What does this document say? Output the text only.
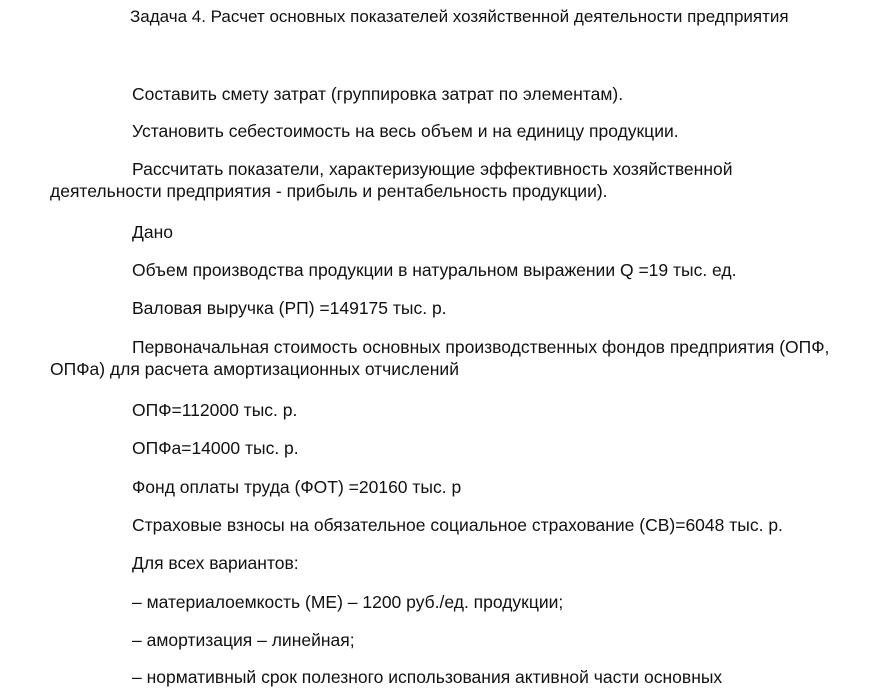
Задача 4. Расчет основных показателей хозяйственной деятельности предприятия
Составить смету затрат (группировка затрат по элементам).
Установить себестоимость на весь объем и на единицу продукции.
Рассчитать показатели, характеризующие эффективность хозяйственной деятельности предприятия - прибыль и рентабельность продукции).
Дано
Объем производства продукции в натуральном выражении Q =19 тыс. ед.
Валовая выручка (РП) =149175 тыс. р.
Первоначальная стоимость основных производственных фондов предприятия (ОПФ, ОПФа) для расчета амортизационных отчислений
ОПФ=112000 тыс. р.
ОПФа=14000 тыс. р.
Фонд оплаты труда (ФОТ) =20160 тыс. р
Страховые взносы на обязательное социальное страхование (СВ)=6048 тыс. р.
Для всех вариантов:
– материалоемкость (МЕ) – 1200 руб./ед. продукции;
– амортизация – линейная;
– нормативный срок полезного использования активной части основных
